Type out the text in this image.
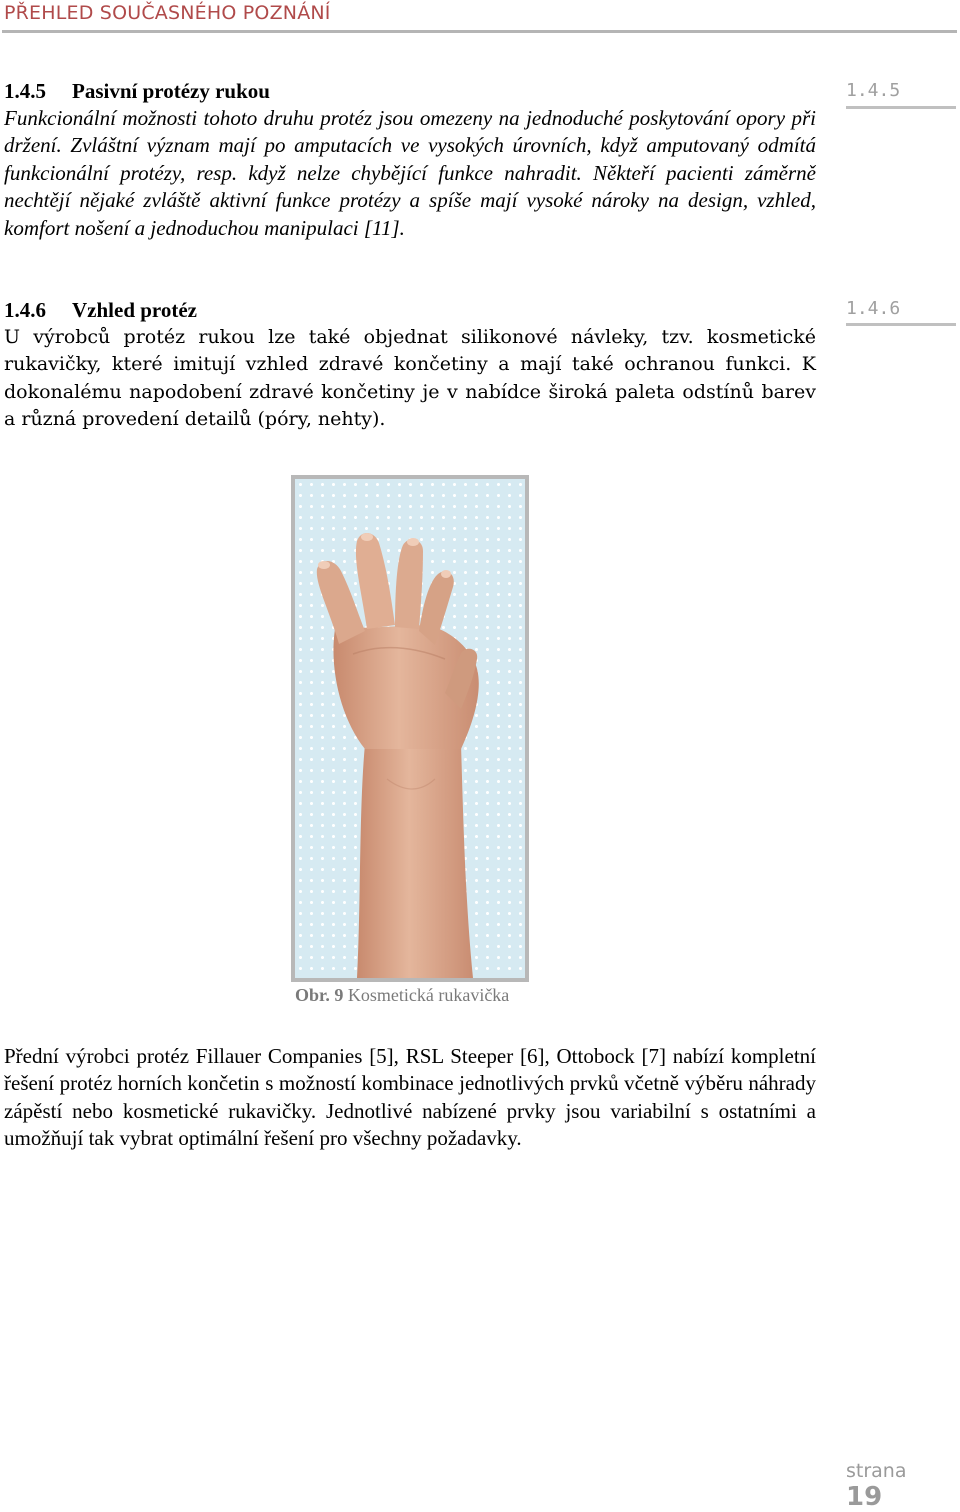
PŘEHLED SOUČASNÉHO POZNÁNÍ
1.4.5 Pasivní protézy rukou

Funkcionální možnosti tohoto druhu protéz jsou omezeny na jednoduché poskytování opory při držení. Zvláštní význam mají po amputacích ve vysokých úrovních, když amputovaný odmítá funkcionální protézy, resp. když nelze chybějící funkce nahradit. Někteří pacienti záměrně nechtějí nějaké zvláště aktivní funkce protézy a spíše mají vysoké nároky na design, vzhled, komfort nošení a jednoduchou manipulaci [11].

1.4.5
1.4.6 Vzhled protéz

U výrobců protéz rukou lze také objednat silikonové návleky, tzv. kosmetické rukavičky, které imitují vzhled zdravé končetiny a mají také ochranou funkci. K dokonalému napodobení zdravé končetiny je v nabídce široká paleta odstínů barev a různá provedení detailů (póry, nehty).

1.4.6
Obr. 9 Kosmetická rukavička

Přední výrobci protéz Fillauer Companies [5], RSL Steeper [6], Ottobock [7] nabízí kompletní řešení protéz horních končetin s možností kombinace jednotlivých prvků včetně výběru náhrady zápěstí nebo kosmetické rukavičky. Jednotlivé nabízené prvky jsou variabilní s ostatními a umožňují tak vybrat optimální řešení pro všechny požadavky.

strana
19
